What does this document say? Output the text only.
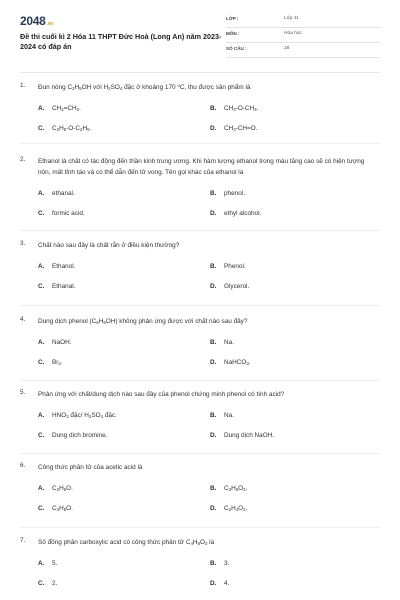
2048.vn
Đề thi cuối kì 2 Hóa 11 THPT Đức Hoà (Long An) năm 2023-2024 có đáp án
LỚP :	Lớp 11
MÔN :	Hóa học
SỐ CÂU :	28
1. Đun nóng $C_2H_5OH$ với $H_2SO_4$ đặc ở khoảng 170 $^o$C, thu được sản phẩm là
A. $CH_2=CH_2$.	B. $CH_3-O-CH_3$.
C. $C_2H_5-O-C_2H_5$.	D. $CH_3-CH=O$.
2. Ethanol là chất có tác động đến thần kinh trung ương. Khi hàm lượng ethanol trong máu tăng cao sẽ có hiện tượng nôn, mất tỉnh táo và có thể dẫn đến tử vong. Tên gọi khác của ethanol là
A. ethanal.	B. phenol.
C. formic acid.	D. ethyl alcohol.
3. Chất nào sau đây là chất rắn ở điều kiện thường?
A. Ethanol.	B. Phenol.
C. Ethanal.	D. Glycerol.
4. Dung dịch phenol $(C_6H_5OH)$ không phản ứng được với chất nào sau đây?
A. NaOH.	B. Na.
C. $Br_2$.	D. NaHCO$_3$.
5. Phản ứng với chất/dung dịch nào sau đây của phenol chứng minh phenol có tính acid?
A. $HNO_3$ đặc/ $H_2SO_4$ đặc.	B. Na.
C. Dung dịch bromine.	D. Dung dịch NaOH.
6. Công thức phân tử của acetic acid là
A. $C_2H_6O$.	B. $C_3H_6O_2$.
C. $C_3H_8O$.	D. $C_2H_4O_2$.
7. Số đồng phân carboxylic acid có công thức phân tử $C_4H_8O_2$ là
A. 5.	B. 3.
C. 2.	D. 4.
